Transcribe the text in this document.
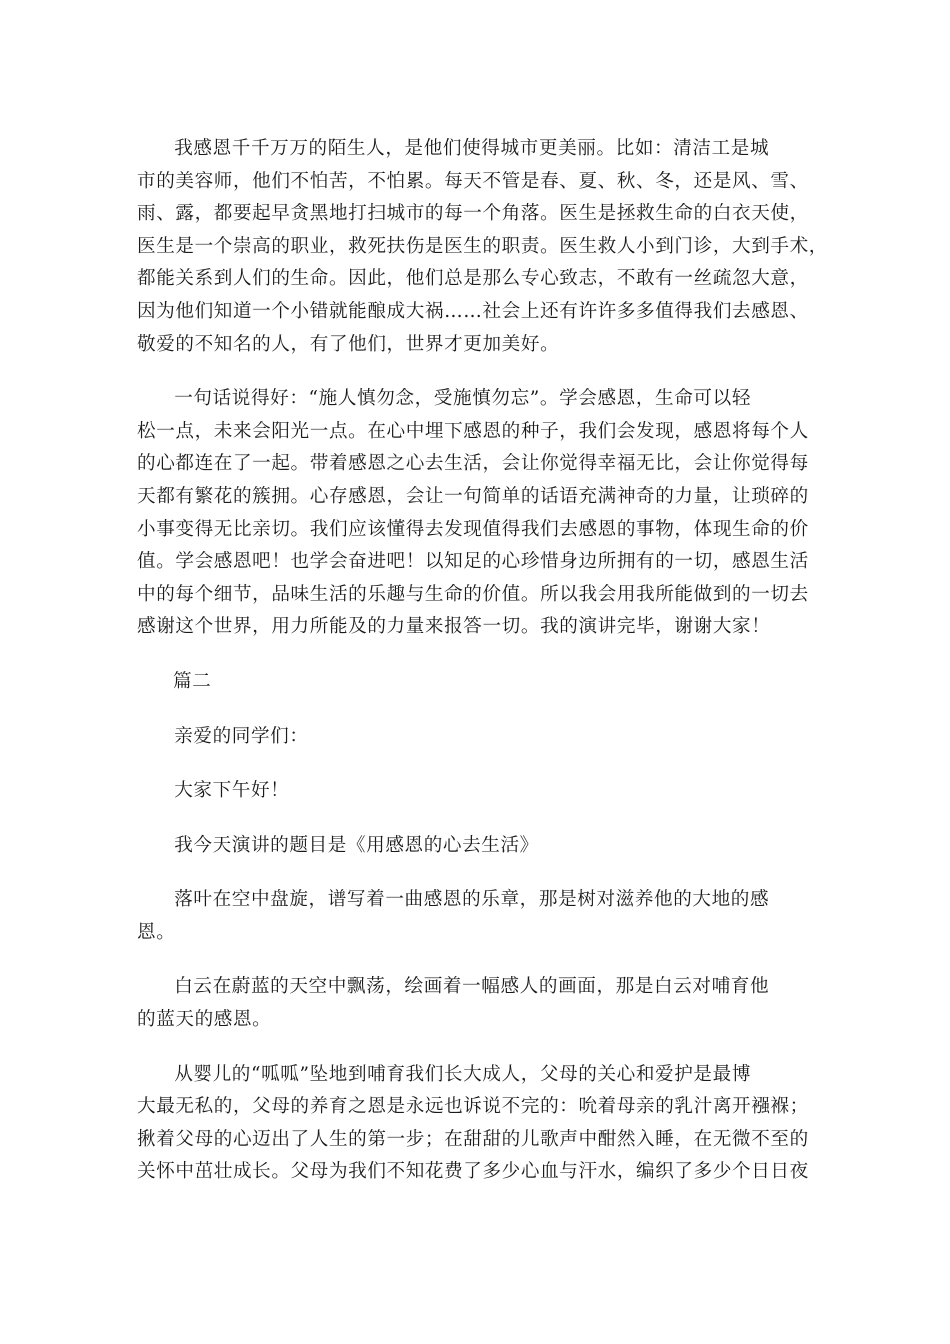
我感恩千千万万的陌生人，是他们使得城市更美丽。比如：清洁工是城
市的美容师，他们不怕苦，不怕累。每天不管是春、夏、秋、冬，还是风、雪、
雨、露，都要起早贪黑地打扫城市的每一个角落。医生是拯救生命的白衣天使，
医生是一个崇高的职业，救死扶伤是医生的职责。医生救人小到门诊，大到手术，
都能关系到人们的生命。因此，他们总是那么专心致志，不敢有一丝疏忽大意，
因为他们知道一个小错就能酿成大祸……社会上还有许许多多值得我们去感恩、
敬爱的不知名的人，有了他们，世界才更加美好。
一句话说得好：“施人慎勿念，受施慎勿忘”。学会感恩，生命可以轻
松一点，未来会阳光一点。在心中埋下感恩的种子，我们会发现，感恩将每个人
的心都连在了一起。带着感恩之心去生活，会让你觉得幸福无比，会让你觉得每
天都有繁花的簇拥。心存感恩，会让一句简单的话语充满神奇的力量，让琐碎的
小事变得无比亲切。我们应该懂得去发现值得我们去感恩的事物，体现生命的价
值。学会感恩吧！也学会奋进吧！以知足的心珍惜身边所拥有的一切，感恩生活
中的每个细节，品味生活的乐趣与生命的价值。所以我会用我所能做到的一切去
感谢这个世界，用力所能及的力量来报答一切。我的演讲完毕，谢谢大家！
篇二
亲爱的同学们：
大家下午好！
我今天演讲的题目是《用感恩的心去生活》
落叶在空中盘旋，谱写着一曲感恩的乐章，那是树对滋养他的大地的感
恩。
白云在蔚蓝的天空中飘荡，绘画着一幅感人的画面，那是白云对哺育他
的蓝天的感恩。
从婴儿的“呱呱”坠地到哺育我们长大成人，父母的关心和爱护是最博
大最无私的，父母的养育之恩是永远也诉说不完的：吮着母亲的乳汁离开襁褓；
揪着父母的心迈出了人生的第一步；在甜甜的儿歌声中酣然入睡，在无微不至的
关怀中茁壮成长。父母为我们不知花费了多少心血与汗水，编织了多少个日日夜
